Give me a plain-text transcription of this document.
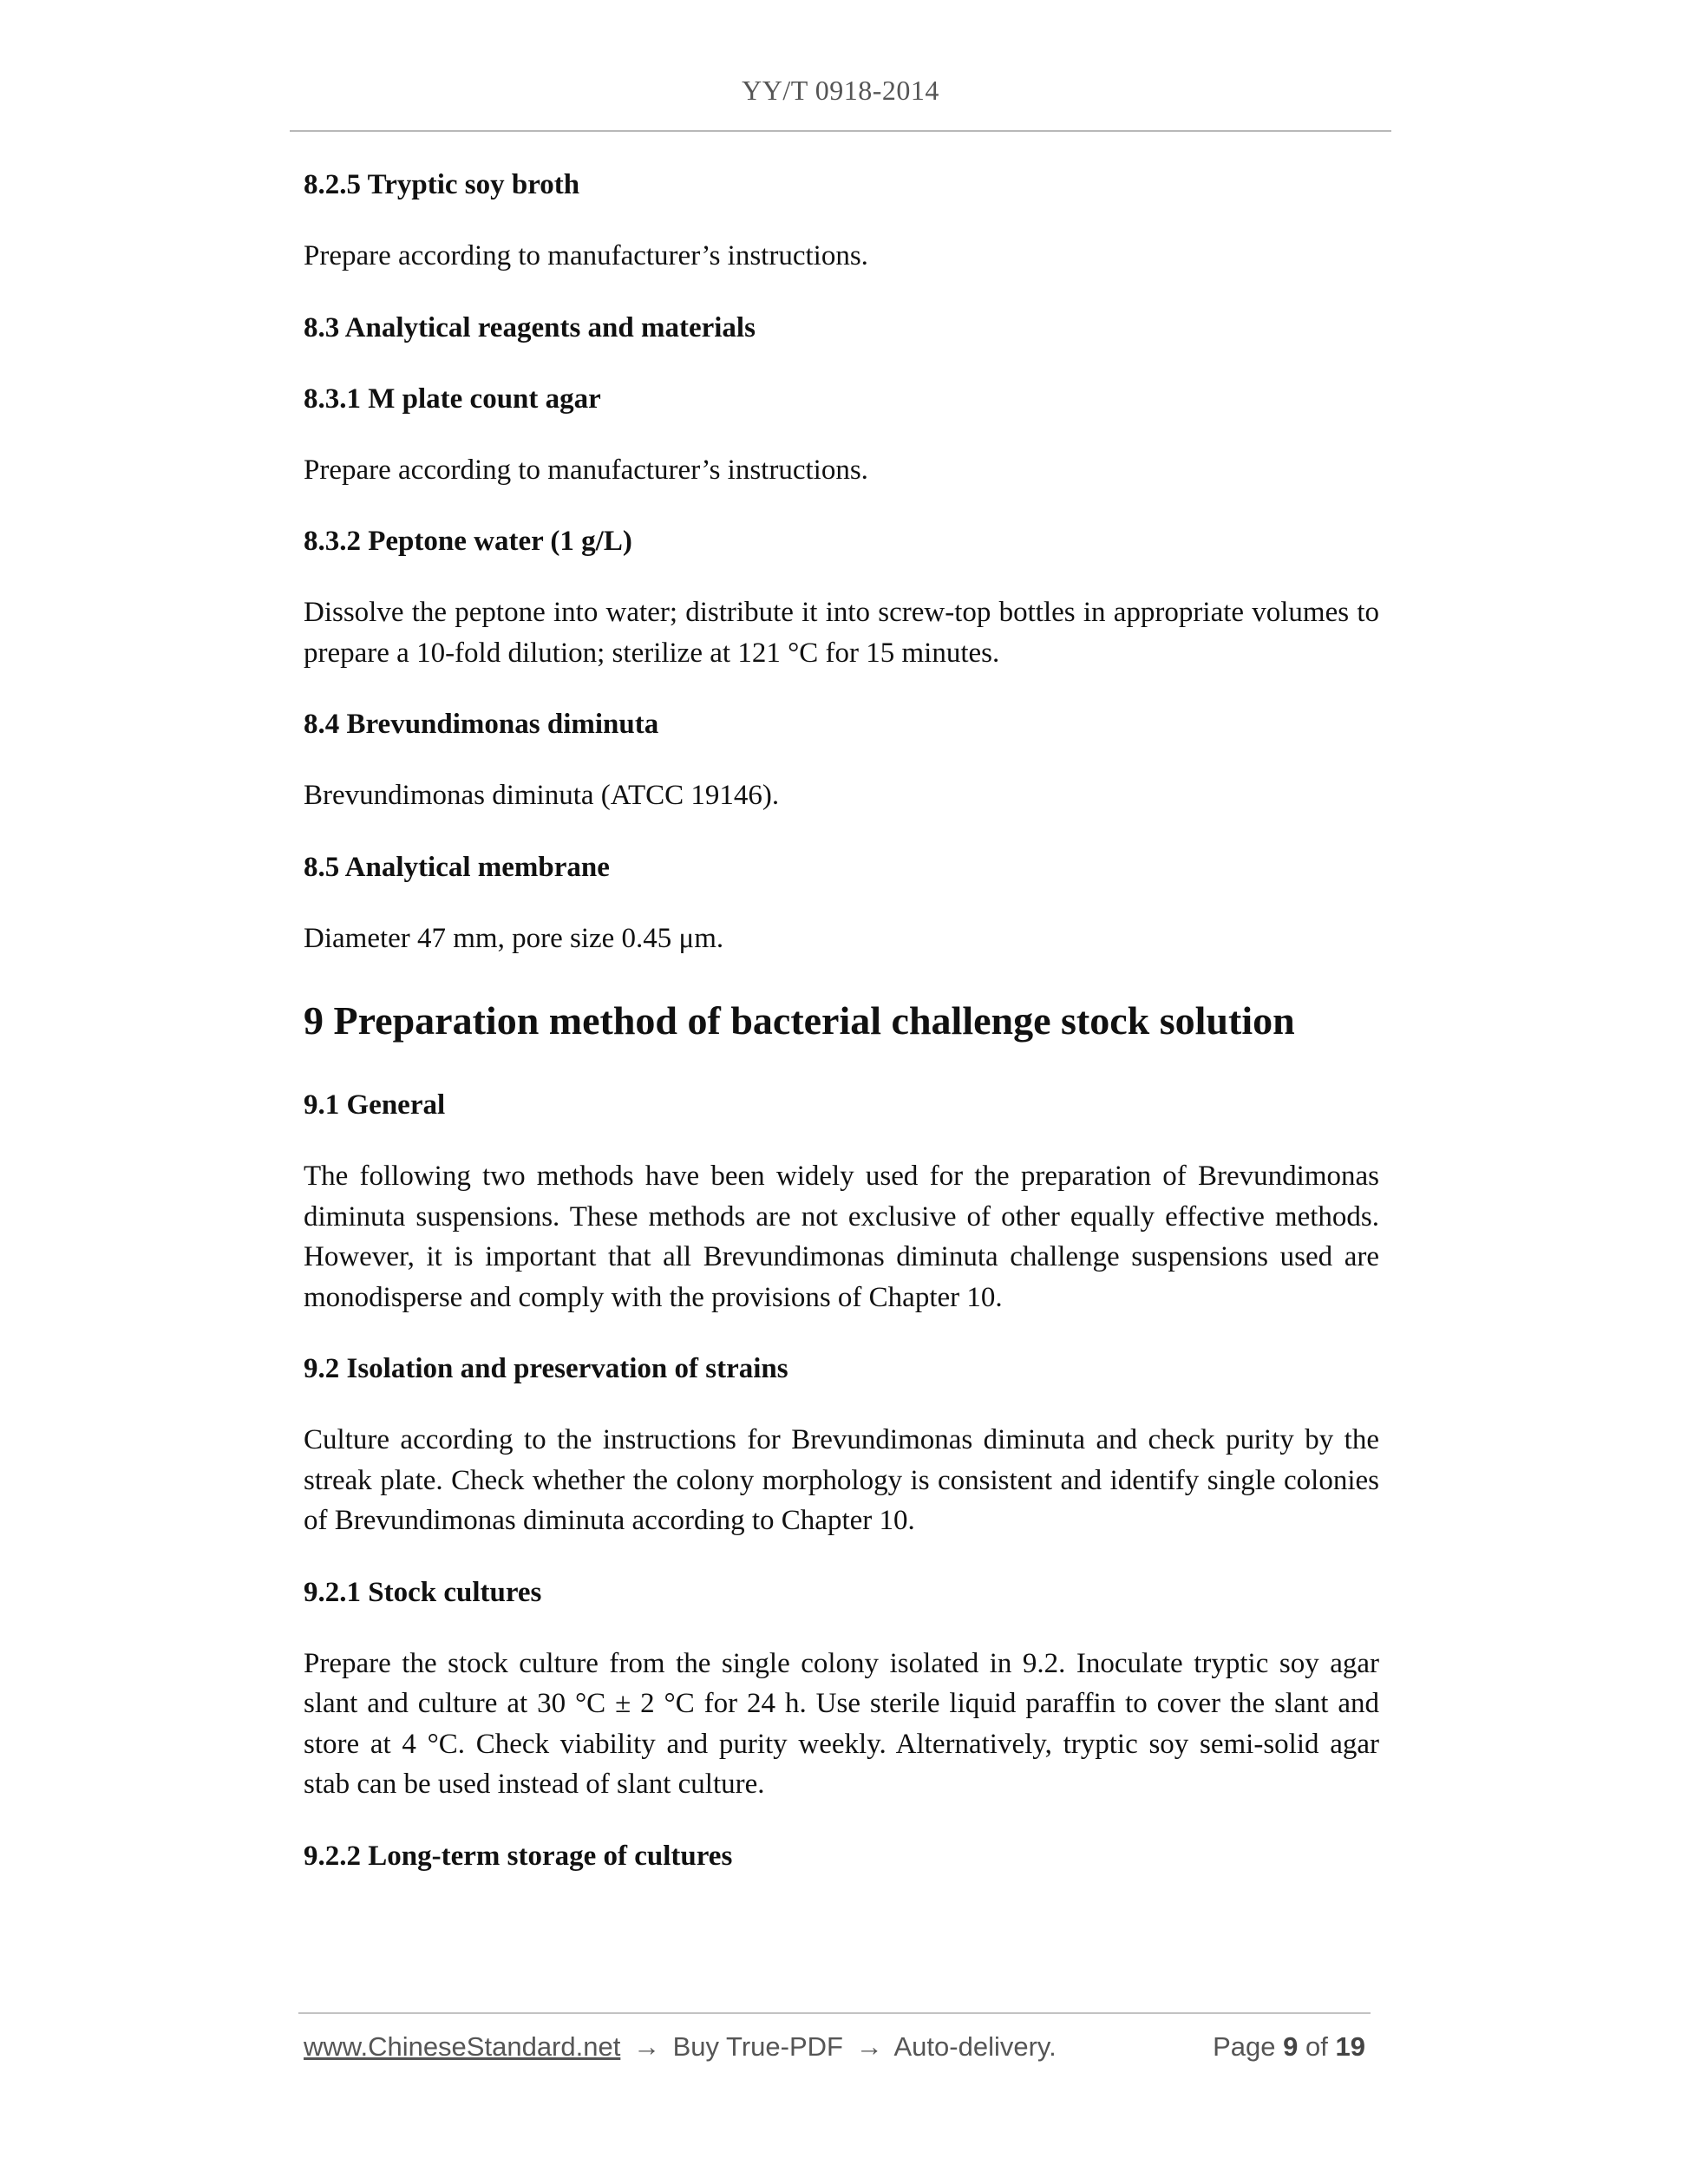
YY/T 0918-2014
8.2.5 Tryptic soy broth
Prepare according to manufacturer’s instructions.
8.3 Analytical reagents and materials
8.3.1 M plate count agar
Prepare according to manufacturer’s instructions.
8.3.2 Peptone water (1 g/L)
Dissolve the peptone into water; distribute it into screw-top bottles in appropriate volumes to prepare a 10-fold dilution; sterilize at 121 °C for 15 minutes.
8.4 Brevundimonas diminuta
Brevundimonas diminuta (ATCC 19146).
8.5 Analytical membrane
Diameter 47 mm, pore size 0.45 μm.
9 Preparation method of bacterial challenge stock solution
9.1 General
The following two methods have been widely used for the preparation of Brevundimonas diminuta suspensions. These methods are not exclusive of other equally effective methods. However, it is important that all Brevundimonas diminuta challenge suspensions used are monodisperse and comply with the provisions of Chapter 10.
9.2 Isolation and preservation of strains
Culture according to the instructions for Brevundimonas diminuta and check purity by the streak plate. Check whether the colony morphology is consistent and identify single colonies of Brevundimonas diminuta according to Chapter 10.
9.2.1 Stock cultures
Prepare the stock culture from the single colony isolated in 9.2. Inoculate tryptic soy agar slant and culture at 30 °C ± 2 °C for 24 h. Use sterile liquid paraffin to cover the slant and store at 4 °C. Check viability and purity weekly. Alternatively, tryptic soy semi-solid agar stab can be used instead of slant culture.
9.2.2 Long-term storage of cultures
www.ChineseStandard.net → Buy True-PDF → Auto-delivery.	Page 9 of 19
